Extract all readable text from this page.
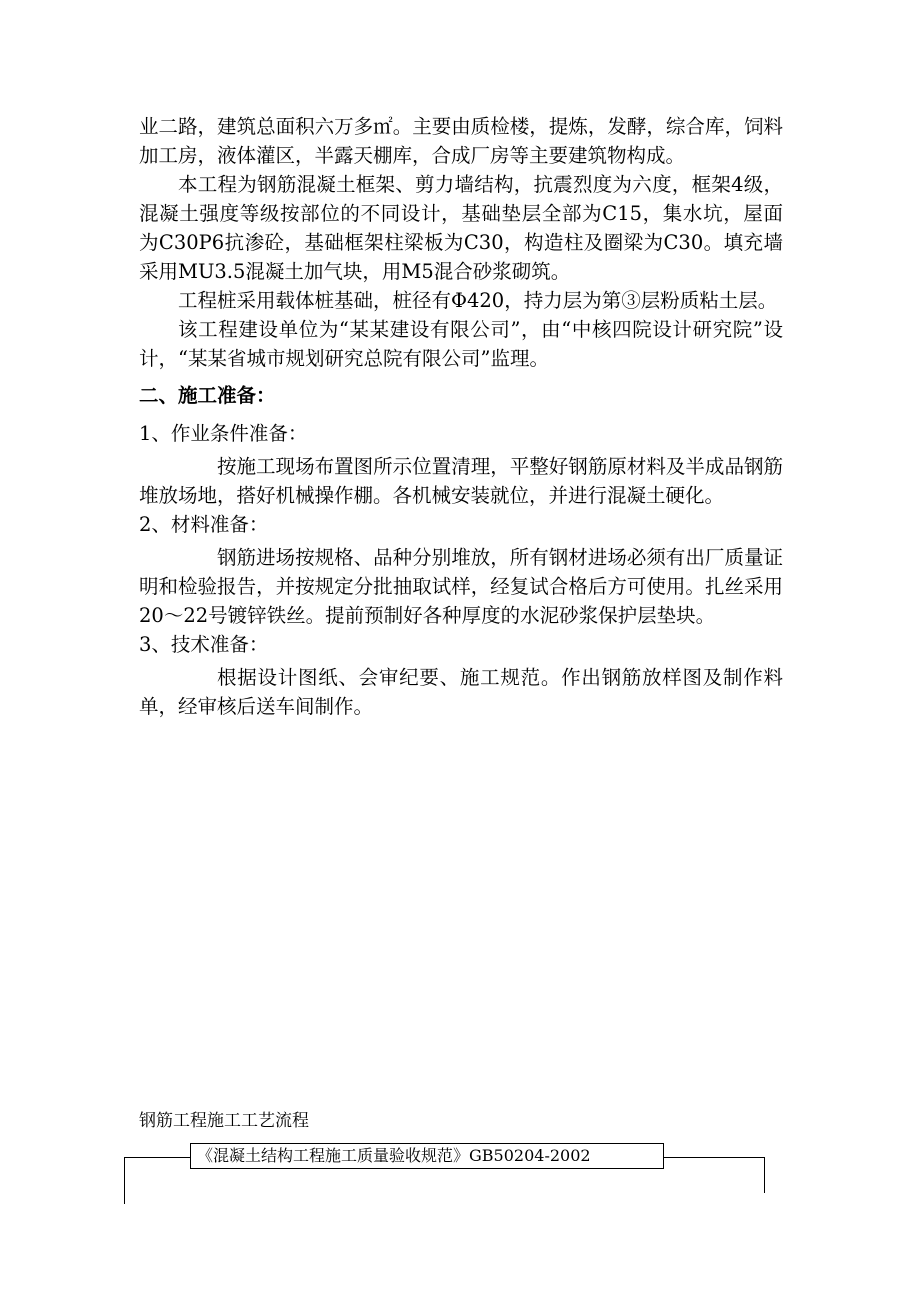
业二路，建筑总面积六万多㎡。主要由质检楼，提炼，发酵，综合库，饲料加工房，液体灌区，半露天棚库，合成厂房等主要建筑物构成。

本工程为钢筋混凝土框架、剪力墙结构，抗震烈度为六度，框架4级，混凝土强度等级按部位的不同设计，基础垫层全部为C15，集水坑，屋面为C30P6抗渗砼，基础框架柱梁板为C30，构造柱及圈梁为C30。填充墙采用MU3.5混凝土加气块，用M5混合砂浆砌筑。

工程桩采用载体桩基础，桩径有Φ420，持力层为第③层粉质粘土层。

该工程建设单位为“某某建设有限公司”，由“中核四院设计研究院”设计，“某某省城市规划研究总院有限公司”监理。

二、施工准备：

1、作业条件准备：

按施工现场布置图所示位置清理，平整好钢筋原材料及半成品钢筋堆放场地，搭好机械操作棚。各机械安装就位，并进行混凝土硬化。

2、材料准备：

钢筋进场按规格、品种分别堆放，所有钢材进场必须有出厂质量证明和检验报告，并按规定分批抽取试样，经复试合格后方可使用。扎丝采用20～22号镀锌铁丝。提前预制好各种厚度的水泥砂浆保护层垫块。

3、技术准备：

根据设计图纸、会审纪要、施工规范。作出钢筋放样图及制作料单，经审核后送车间制作。

钢筋工程施工工艺流程

《混凝土结构工程施工质量验收规范》GB50204-2002
